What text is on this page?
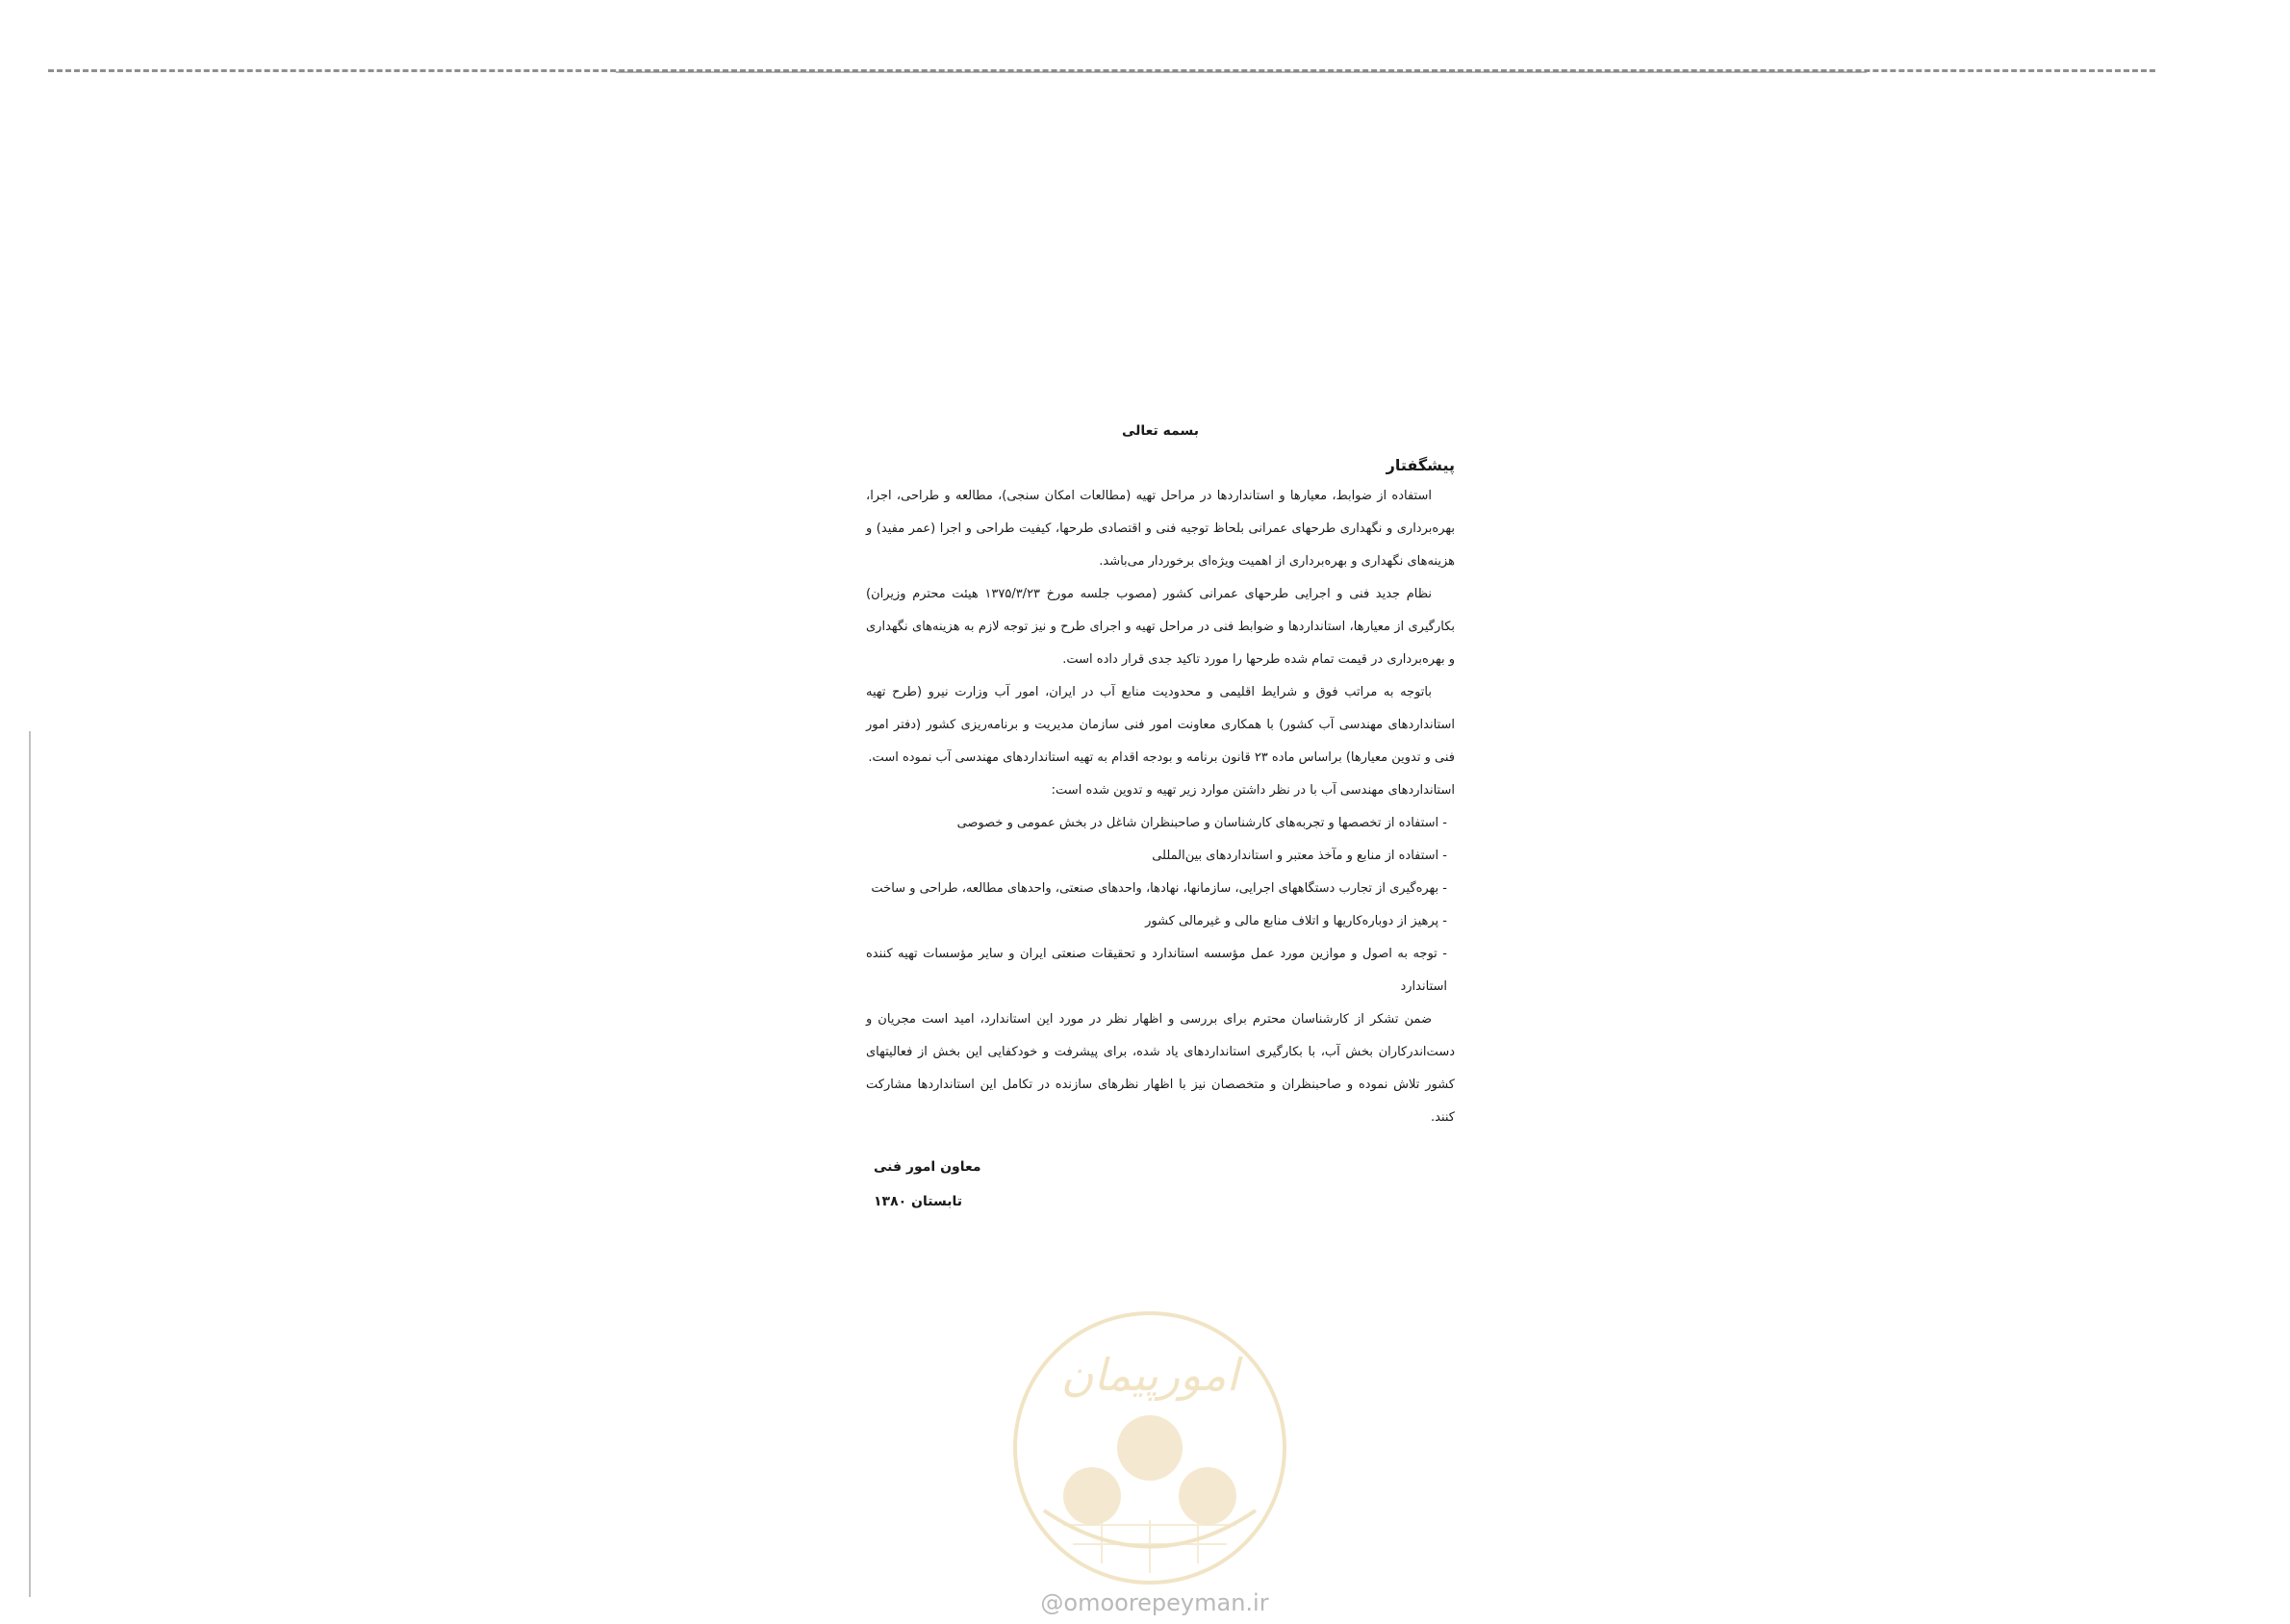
بسمه تعالی

پیشگفتار

استفاده از ضوابط، معیارها و استانداردها در مراحل تهیه (مطالعات امکان سنجی)، مطالعه و طراحی، اجرا، بهره‌برداری و نگهداری طرحهای عمرانی بلحاظ توجیه فنی و اقتصادی طرحها، کیفیت طراحی و اجرا (عمر مفید) و هزینه‌های نگهداری و بهره‌برداری از اهمیت ویژه‌ای برخوردار می‌باشد.

نظام جدید فنی و اجرایی طرحهای عمرانی کشور (مصوب جلسه مورخ ۱۳۷۵/۳/۲۳ هیئت محترم وزیران) بکارگیری از معیارها، استانداردها و ضوابط فنی در مراحل تهیه و اجرای طرح و نیز توجه لازم به هزینه‌های نگهداری و بهره‌برداری در قیمت تمام شده طرحها را مورد تاکید جدی قرار داده است.

باتوجه به مراتب فوق و شرایط اقلیمی و محدودیت منابع آب در ایران، امور آب وزارت نیرو (طرح تهیه استانداردهای مهندسی آب کشور) با همکاری معاونت امور فنی سازمان مدیریت و برنامه‌ریزی کشور (دفتر امور فنی و تدوین معیارها) براساس ماده ۲۳ قانون برنامه و بودجه اقدام به تهیه استانداردهای مهندسی آب نموده است.

استانداردهای مهندسی آب با در نظر داشتن موارد زیر تهیه و تدوین شده است:

- استفاده از تخصصها و تجربه‌های کارشناسان و صاحبنظران شاغل در بخش عمومی و خصوصی
- استفاده از منابع و مآخذ معتبر و استانداردهای بین‌المللی
- بهره‌گیری از تجارب دستگاههای اجرایی، سازمانها، نهادها، واحدهای صنعتی، واحدهای مطالعه، طراحی و ساخت
- پرهیز از دوباره‌کاریها و اتلاف منابع مالی و غیرمالی کشور
- توجه به اصول و موازین مورد عمل مؤسسه استاندارد و تحقیقات صنعتی ایران و سایر مؤسسات تهیه کننده استاندارد

ضمن تشکر از کارشناسان محترم برای بررسی و اظهار نظر در مورد این استاندارد، امید است مجریان و دست‌اندرکاران بخش آب، با بکارگیری استانداردهای یاد شده، برای پیشرفت و خودکفایی این بخش از فعالیتهای کشور تلاش نموده و صاحبنظران و متخصصان نیز با اظهار نظرهای سازنده در تکامل این استانداردها مشارکت کنند.

معاون امور فنی
تابستان ۱۳۸۰
امورپیمان
@omoorepeyman.ir
